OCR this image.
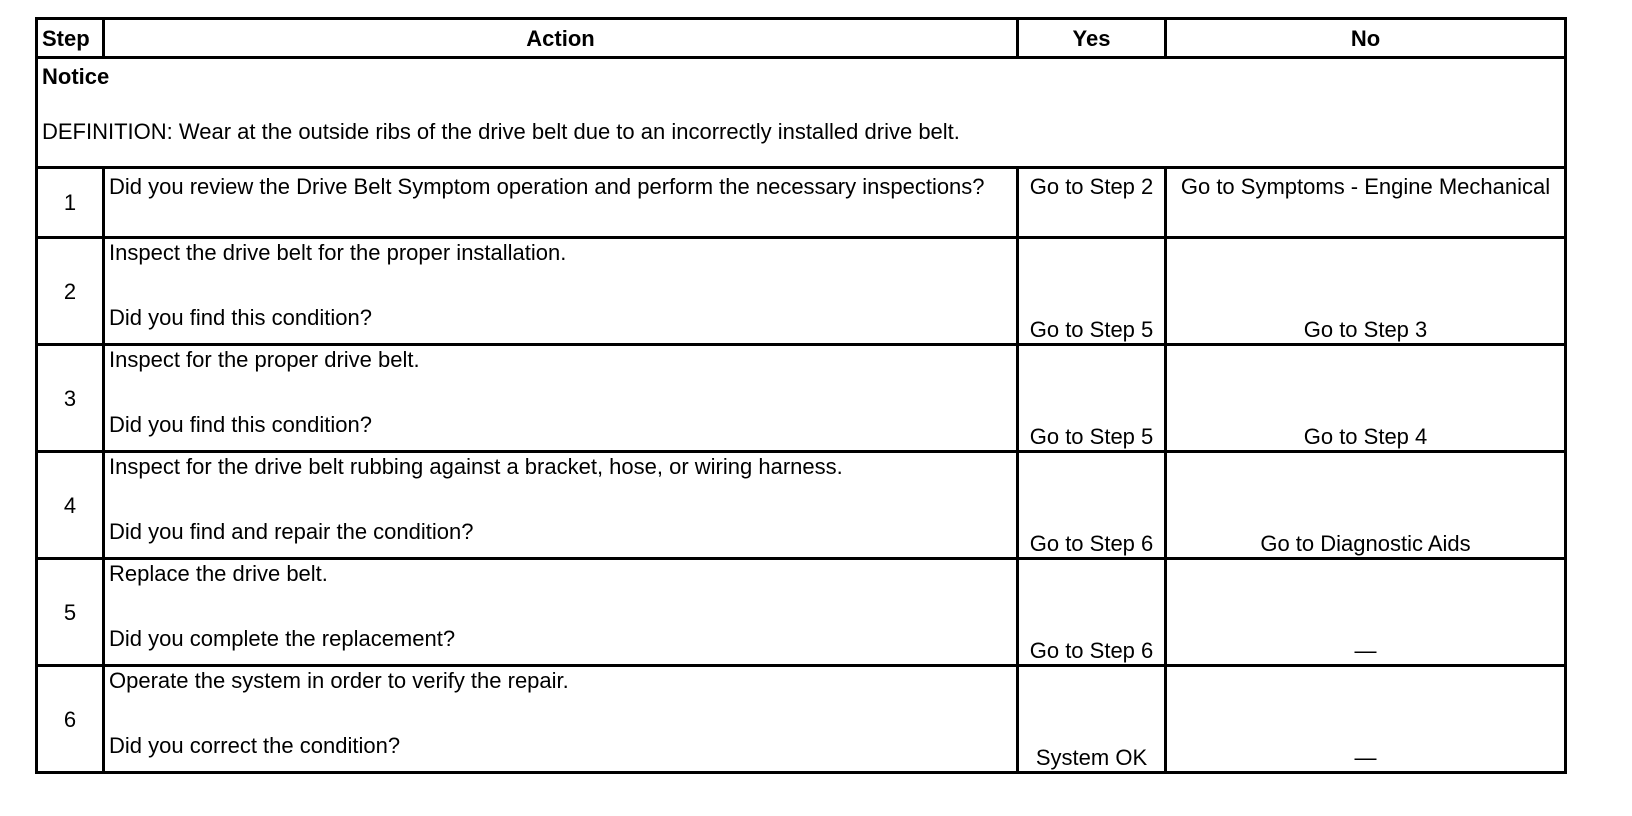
Step	Action	Yes	No

Notice
DEFINITION: Wear at the outside ribs of the drive belt due to an incorrectly installed drive belt.			

1	Did you review the Drive Belt Symptom operation and perform the necessary inspections?	Go to Step 2	Go to Symptoms - Engine Mechanical
2	Inspect the drive belt for the proper installation.
Did you find this condition?	Go to Step 5	Go to Step 3
3	Inspect for the proper drive belt.
Did you find this condition?	Go to Step 5	Go to Step 4
4	Inspect for the drive belt rubbing against a bracket, hose, or wiring harness.
Did you find and repair the condition?	Go to Step 6	Go to Diagnostic Aids
5	Replace the drive belt.
Did you complete the replacement?	Go to Step 6	—
6	Operate the system in order to verify the repair.
Did you correct the condition?	System OK	—
